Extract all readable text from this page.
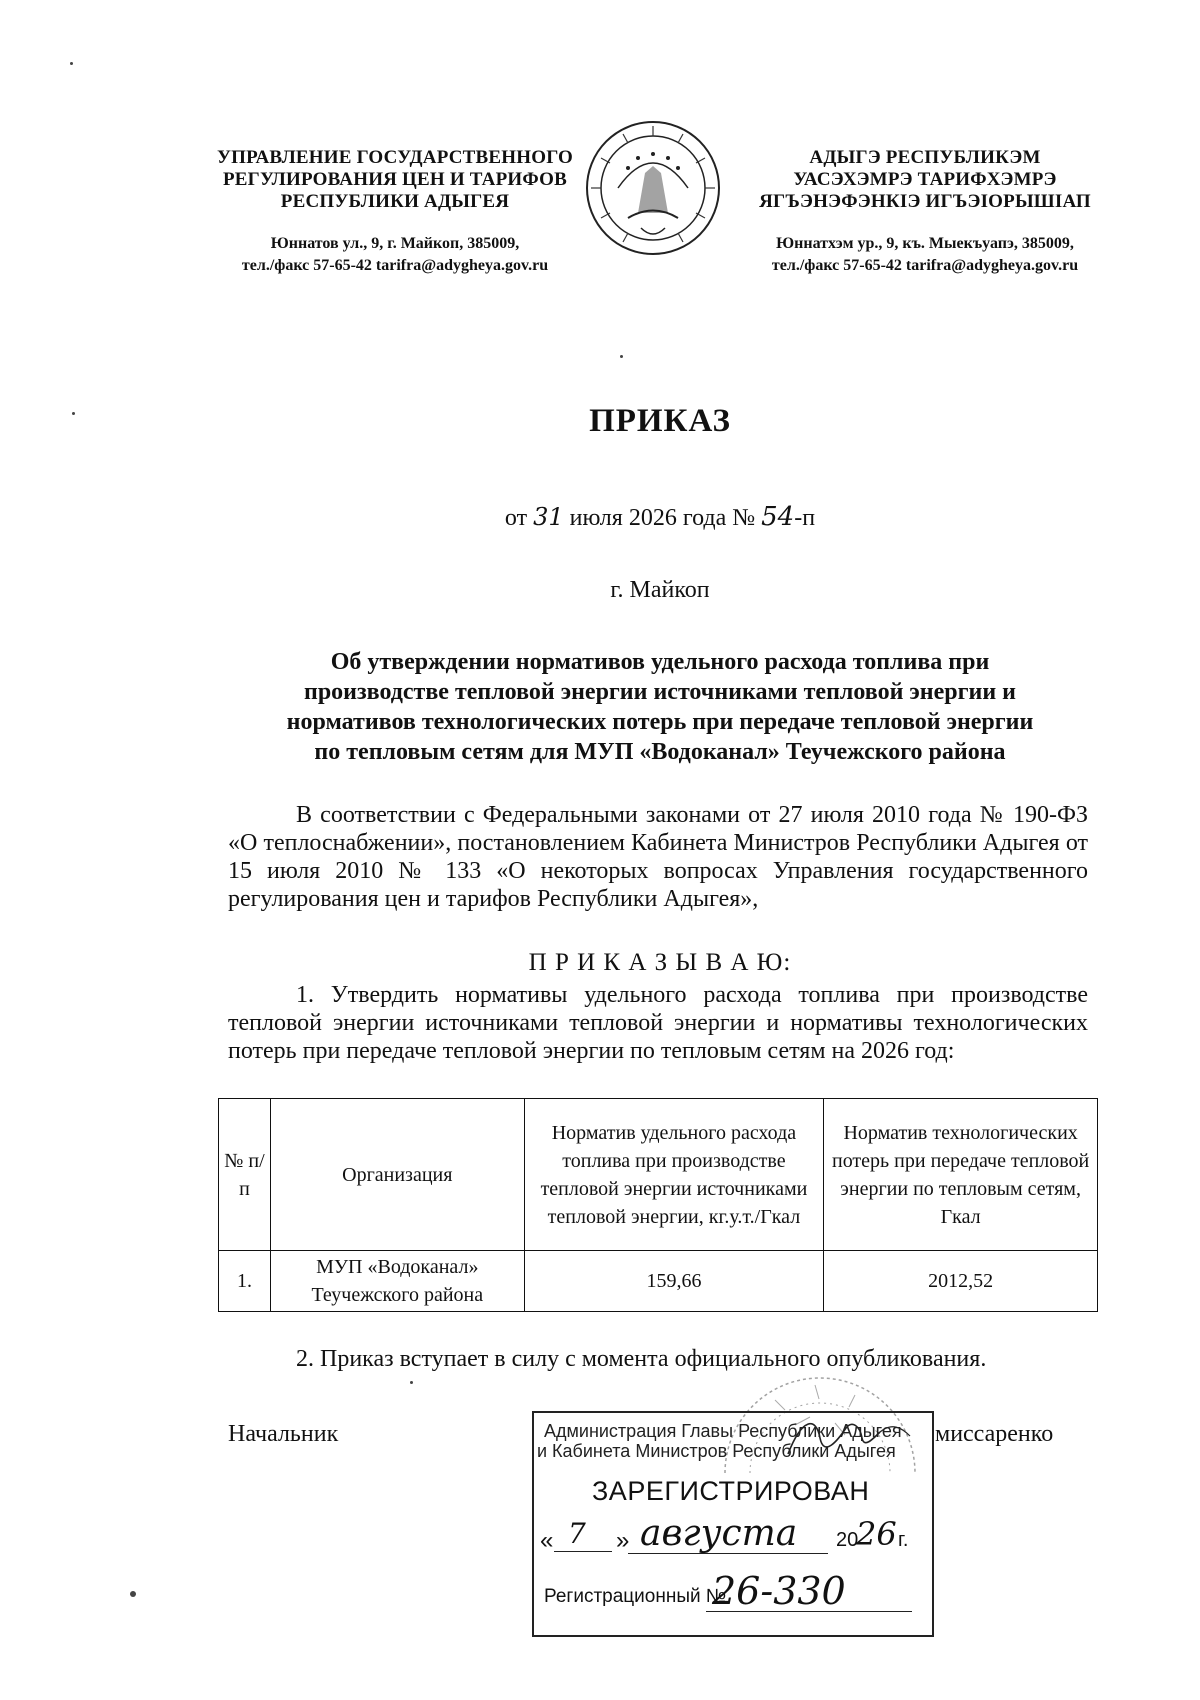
УПРАВЛЕНИЕ ГОСУДАРСТВЕННОГО
РЕГУЛИРОВАНИЯ ЦЕН И ТАРИФОВ
РЕСПУБЛИКИ АДЫГЕЯ
Юннатов ул., 9, г. Майкоп, 385009,
тел./факс 57-65-42 tarifra@adygheya.gov.ru
АДЫГЭ РЕСПУБЛИКЭМ
УАСЭХЭМРЭ ТАРИФХЭМРЭ
ЯГЪЭНЭФЭНКІЭ ИГЪЭІОРЫШІАП
Юннатхэм ур., 9, къ. Мыекъуапэ, 385009,
тел./факс 57-65-42 tarifra@adygheya.gov.ru
ПРИКАЗ
от 31 июля 2026 года № 54-п
г. Майкоп
Об утверждении нормативов удельного расхода топлива при
производстве тепловой энергии источниками тепловой энергии и
нормативов технологических потерь при передаче тепловой энергии
по тепловым сетям для МУП «Водоканал» Теучежского района
В соответствии с Федеральными законами от 27 июля 2010 года № 190-ФЗ «О теплоснабжении», постановлением Кабинета Министров Республики Адыгея от 15 июля 2010 № 133 «О некоторых вопросах Управления государственного регулирования цен и тарифов Республики Адыгея»,
П Р И К А З Ы В А Ю:
1. Утвердить нормативы удельного расхода топлива при производстве тепловой энергии источниками тепловой энергии и нормативы технологических потерь при передаче тепловой энергии по тепловым сетям на 2026 год:
№ п/п	Организация	Норматив удельного расхода топлива при производстве тепловой энергии источниками тепловой энергии, кг.у.т./Гкал	Норматив технологических потерь при передаче тепловой энергии по тепловым сетям, Гкал
1.	МУП «Водоканал» Теучежского района	159,66	2012,52
2. Приказ вступает в силу с момента официального опубликования.
Начальник	миссаренко
Администрация Главы Республики Адыгея
и Кабинета Министров Республики Адыгея
ЗАРЕГИСТРИРОВАН
« 7 » августа 20
26 г.
Регистрационный №
26-330
